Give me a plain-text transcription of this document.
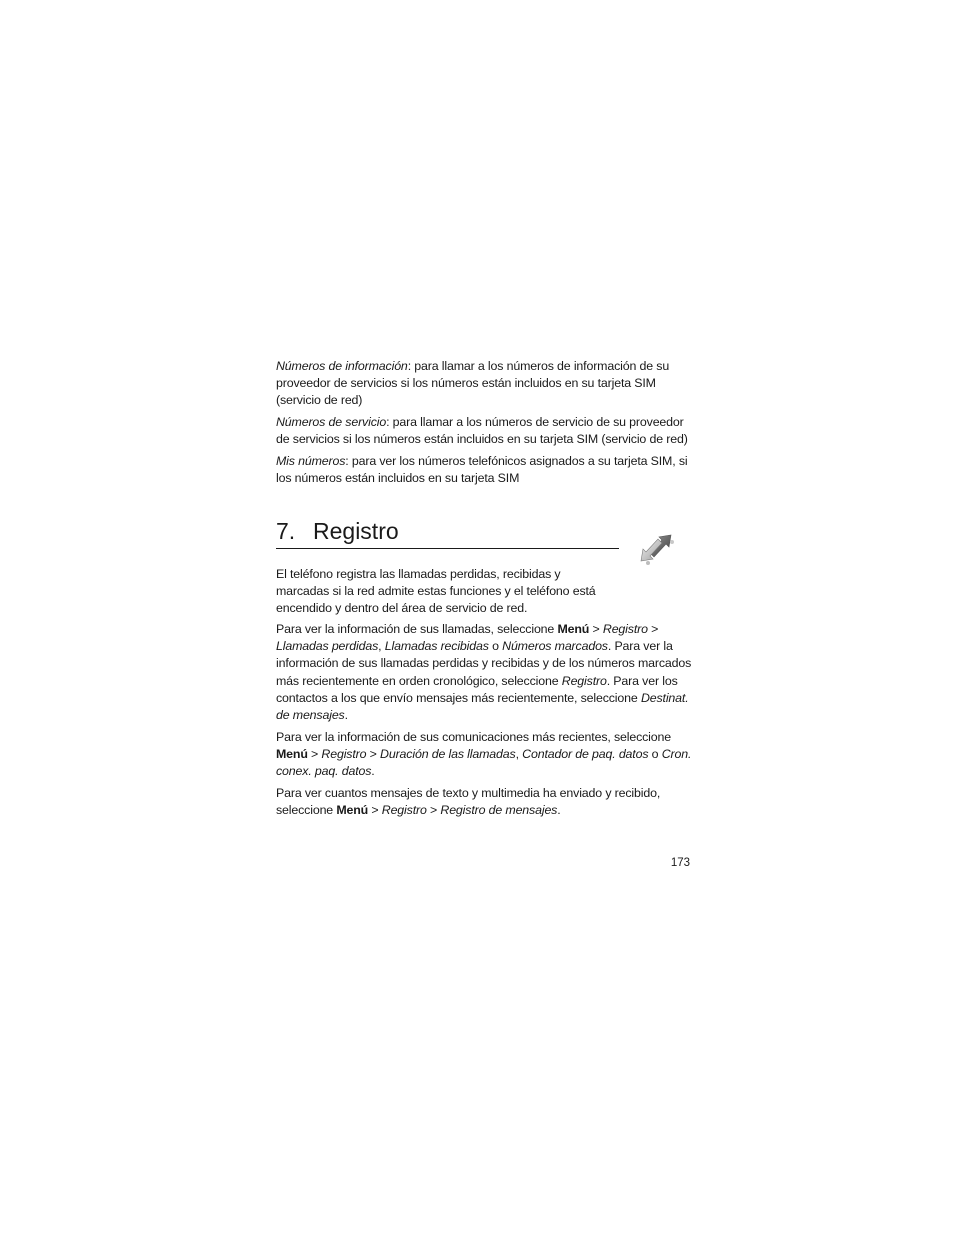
Números de información: para llamar a los números de información de su proveedor de servicios si los números están incluidos en su tarjeta SIM (servicio de red)

Números de servicio: para llamar a los números de servicio de su proveedor de servicios si los números están incluidos en su tarjeta SIM (servicio de red)

Mis números: para ver los números telefónicos asignados a su tarjeta SIM, si los números están incluidos en su tarjeta SIM

7. Registro

El teléfono registra las llamadas perdidas, recibidas y marcadas si la red admite estas funciones y el teléfono está encendido y dentro del área de servicio de red.

Para ver la información de sus llamadas, seleccione Menú > Registro > Llamadas perdidas, Llamadas recibidas o Números marcados. Para ver la información de sus llamadas perdidas y recibidas y de los números marcados más recientemente en orden cronológico, seleccione Registro. Para ver los contactos a los que envío mensajes más recientemente, seleccione Destinat. de mensajes.

Para ver la información de sus comunicaciones más recientes, seleccione Menú > Registro > Duración de las llamadas, Contador de paq. datos o Cron. conex. paq. datos.

Para ver cuantos mensajes de texto y multimedia ha enviado y recibido, seleccione Menú > Registro > Registro de mensajes.

173
